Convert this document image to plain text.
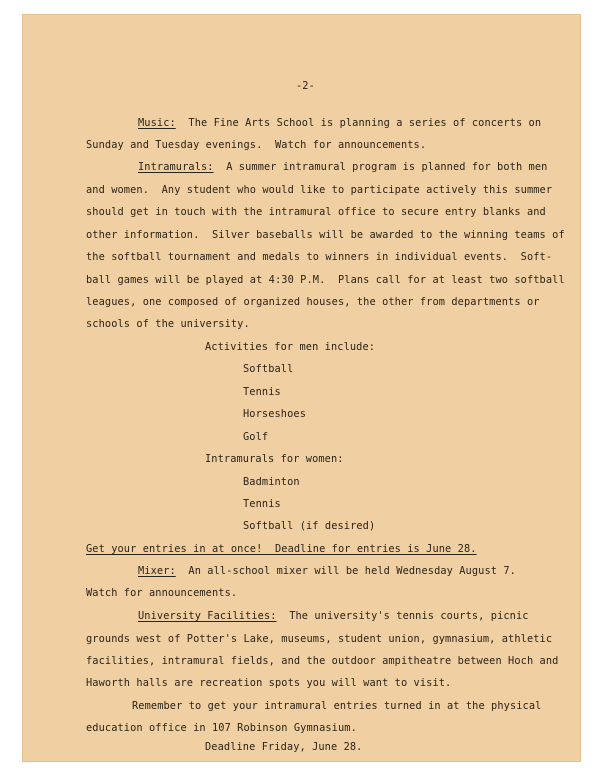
-2-
Music:  The Fine Arts School is planning a series of concerts on
Sunday and Tuesday evenings.  Watch for announcements.
Intramurals:  A summer intramural program is planned for both men
and women.  Any student who would like to participate actively this summer
should get in touch with the intramural office to secure entry blanks and
other information.  Silver baseballs will be awarded to the winning teams of
the softball tournament and medals to winners in individual events.  Soft-
ball games will be played at 4:30 P.M.  Plans call for at least two softball
leagues, one composed of organized houses, the other from departments or
schools of the university.
Activities for men include:
Softball
Tennis
Horseshoes
Golf
Intramurals for women:
Badminton
Tennis
Softball (if desired)
Get your entries in at once!  Deadline for entries is June 28.
Mixer:  An all-school mixer will be held Wednesday August 7.
Watch for announcements.
University Facilities:  The university's tennis courts, picnic
grounds west of Potter's Lake, museums, student union, gymnasium, athletic
facilities, intramural fields, and the outdoor ampitheatre between Hoch and
Haworth halls are recreation spots you will want to visit.
Remember to get your intramural entries turned in at the physical
education office in 107 Robinson Gymnasium.
Deadline Friday, June 28.
